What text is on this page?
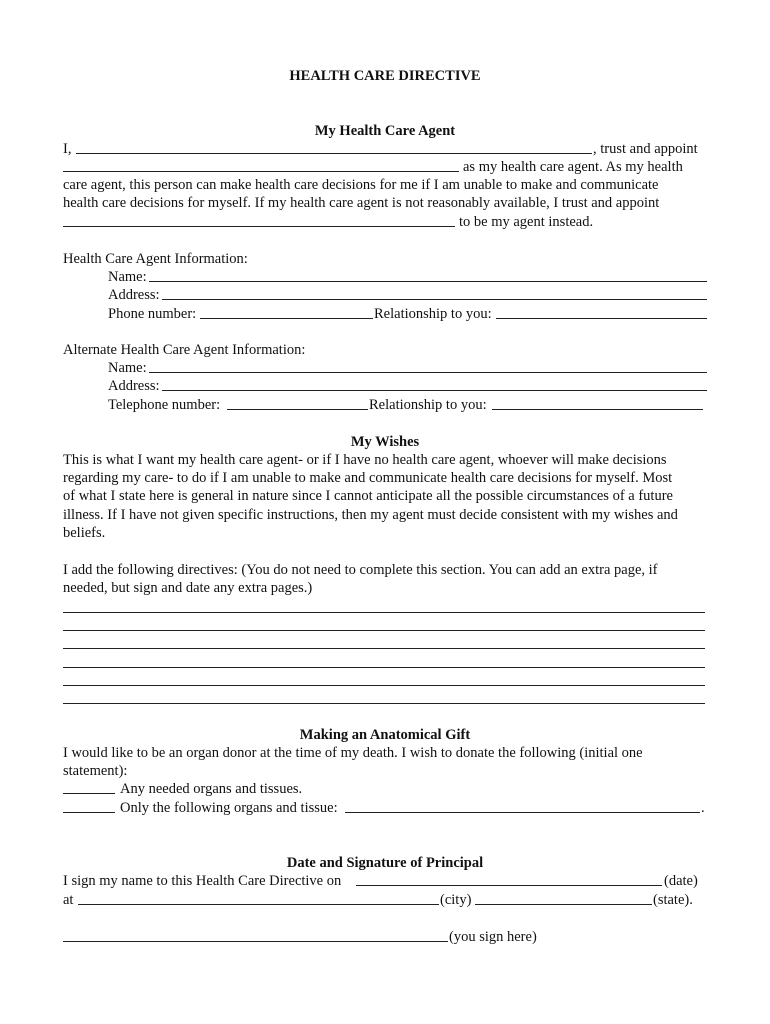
HEALTH CARE DIRECTIVE
My Health Care Agent
I,	, trust and appoint
as my health care agent. As my health
care agent, this person can make health care decisions for me if I am unable to make and communicate
health care decisions for myself. If my health care agent is not reasonably available, I trust and appoint
to be my agent instead.
Health Care Agent Information:
Name:
Address:
Phone number:	Relationship to you:
Alternate Health Care Agent Information:
Name:
Address:
Telephone number:	Relationship to you:
My Wishes
This is what I want my health care agent- or if I have no health care agent, whoever will make decisions
regarding my care- to do if I am unable to make and communicate health care decisions for myself. Most
of what I state here is general in nature since I cannot anticipate all the possible circumstances of a future
illness. If I have not given specific instructions, then my agent must decide consistent with my wishes and
beliefs.
I add the following directives: (You do not need to complete this section. You can add an extra page, if
needed, but sign and date any extra pages.)
Making an Anatomical Gift
I would like to be an organ donor at the time of my death. I wish to donate the following (initial one
statement):
Any needed organs and tissues.
Only the following organs and tissue:	.
Date and Signature of Principal
I sign my name to this Health Care Directive on	(date)
at	(city)	(state).
(you sign here)
